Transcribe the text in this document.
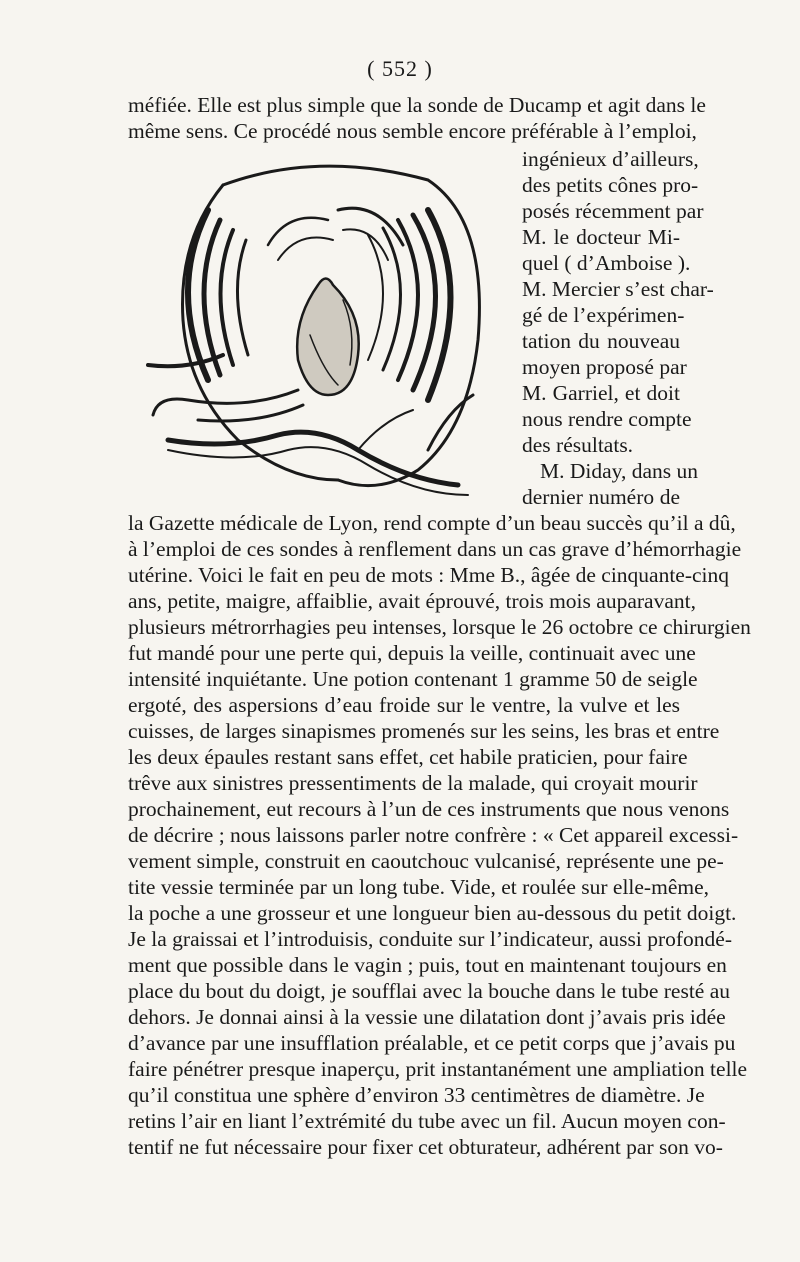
( 552 )
méfiée. Elle est plus simple que la sonde de Ducamp et agit dans le
même sens. Ce procédé nous semble encore préférable à l’emploi,
ingénieux d’ailleurs,
des petits cônes pro-
posés récemment par
M. le docteur Mi-
quel ( d’Amboise ).
M. Mercier s’est char-
gé de l’expérimen-
tation du nouveau
moyen proposé par
M. Garriel, et doit
nous rendre compte
des résultats.
M. Diday, dans un
dernier numéro de
la Gazette médicale de Lyon, rend compte d’un beau succès qu’il a dû,
à l’emploi de ces sondes à renflement dans un cas grave d’hémorrhagie
utérine. Voici le fait en peu de mots : Mme B., âgée de cinquante-cinq
ans, petite, maigre, affaiblie, avait éprouvé, trois mois auparavant,
plusieurs métrorrhagies peu intenses, lorsque le 26 octobre ce chirurgien
fut mandé pour une perte qui, depuis la veille, continuait avec une
intensité inquiétante. Une potion contenant 1 gramme 50 de seigle
ergoté, des aspersions d’eau froide sur le ventre, la vulve et les
cuisses, de larges sinapismes promenés sur les seins, les bras et entre
les deux épaules restant sans effet, cet habile praticien, pour faire
trêve aux sinistres pressentiments de la malade, qui croyait mourir
prochainement, eut recours à l’un de ces instruments que nous venons
de décrire ; nous laissons parler notre confrère : « Cet appareil excessi-
vement simple, construit en caoutchouc vulcanisé, représente une pe-
tite vessie terminée par un long tube. Vide, et roulée sur elle-même,
la poche a une grosseur et une longueur bien au-dessous du petit doigt.
Je la graissai et l’introduisis, conduite sur l’indicateur, aussi profondé-
ment que possible dans le vagin ; puis, tout en maintenant toujours en
place du bout du doigt, je soufflai avec la bouche dans le tube resté au
dehors. Je donnai ainsi à la vessie une dilatation dont j’avais pris idée
d’avance par une insufflation préalable, et ce petit corps que j’avais pu
faire pénétrer presque inaperçu, prit instantanément une ampliation telle
qu’il constitua une sphère d’environ 33 centimètres de diamètre. Je
retins l’air en liant l’extrémité du tube avec un fil. Aucun moyen con-
tentif ne fut nécessaire pour fixer cet obturateur, adhérent par son vo-
